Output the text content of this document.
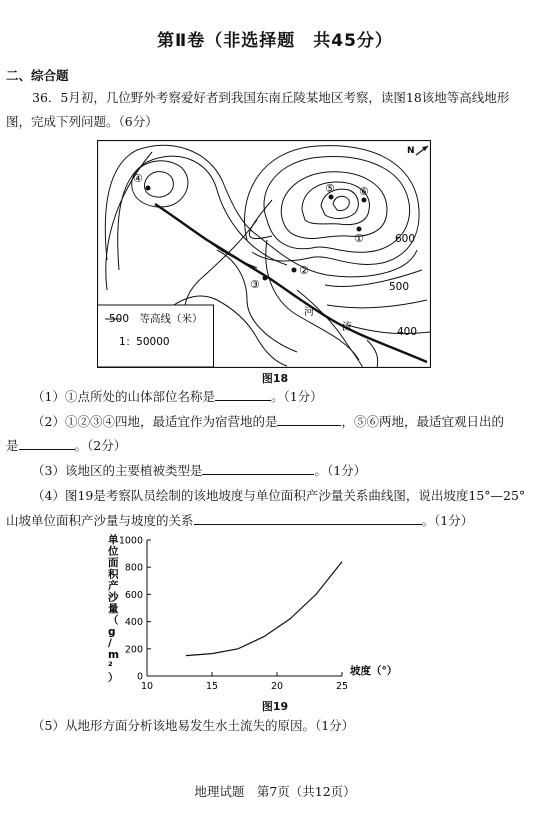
第Ⅱ卷（非选择题　共45分）
二、综合题
36．5月初，几位野外考察爱好者到我国东南丘陵某地区考察，读图18该地等高线地形
图，完成下列问题。（6分）
④
⑤ ⑥
①
②
③
600
500
400
河
流
N
500　等高线（米）
1：50000
图18
（1）①点所处的山体部位名称是	。（1分）
（2）①②③④四地，最适宜作为宿营地的是	，⑤⑥两地，最适宜观日出的
是	。（2分）
（3）该地区的主要植被类型是	。（1分）
（4）图19是考察队员绘制的该地坡度与单位面积产沙量关系曲线图，说出坡度15°—25°
山坡单位面积产沙量与坡度的关系	。（1分）
0
200
400
600
800
1000
10	15	20	25
单位面积产沙量（ g / m ² ）
坡度（°）
图19
（5）从地形方面分析该地易发生水土流失的原因。（1分）
地理试题　第7页（共12页）
